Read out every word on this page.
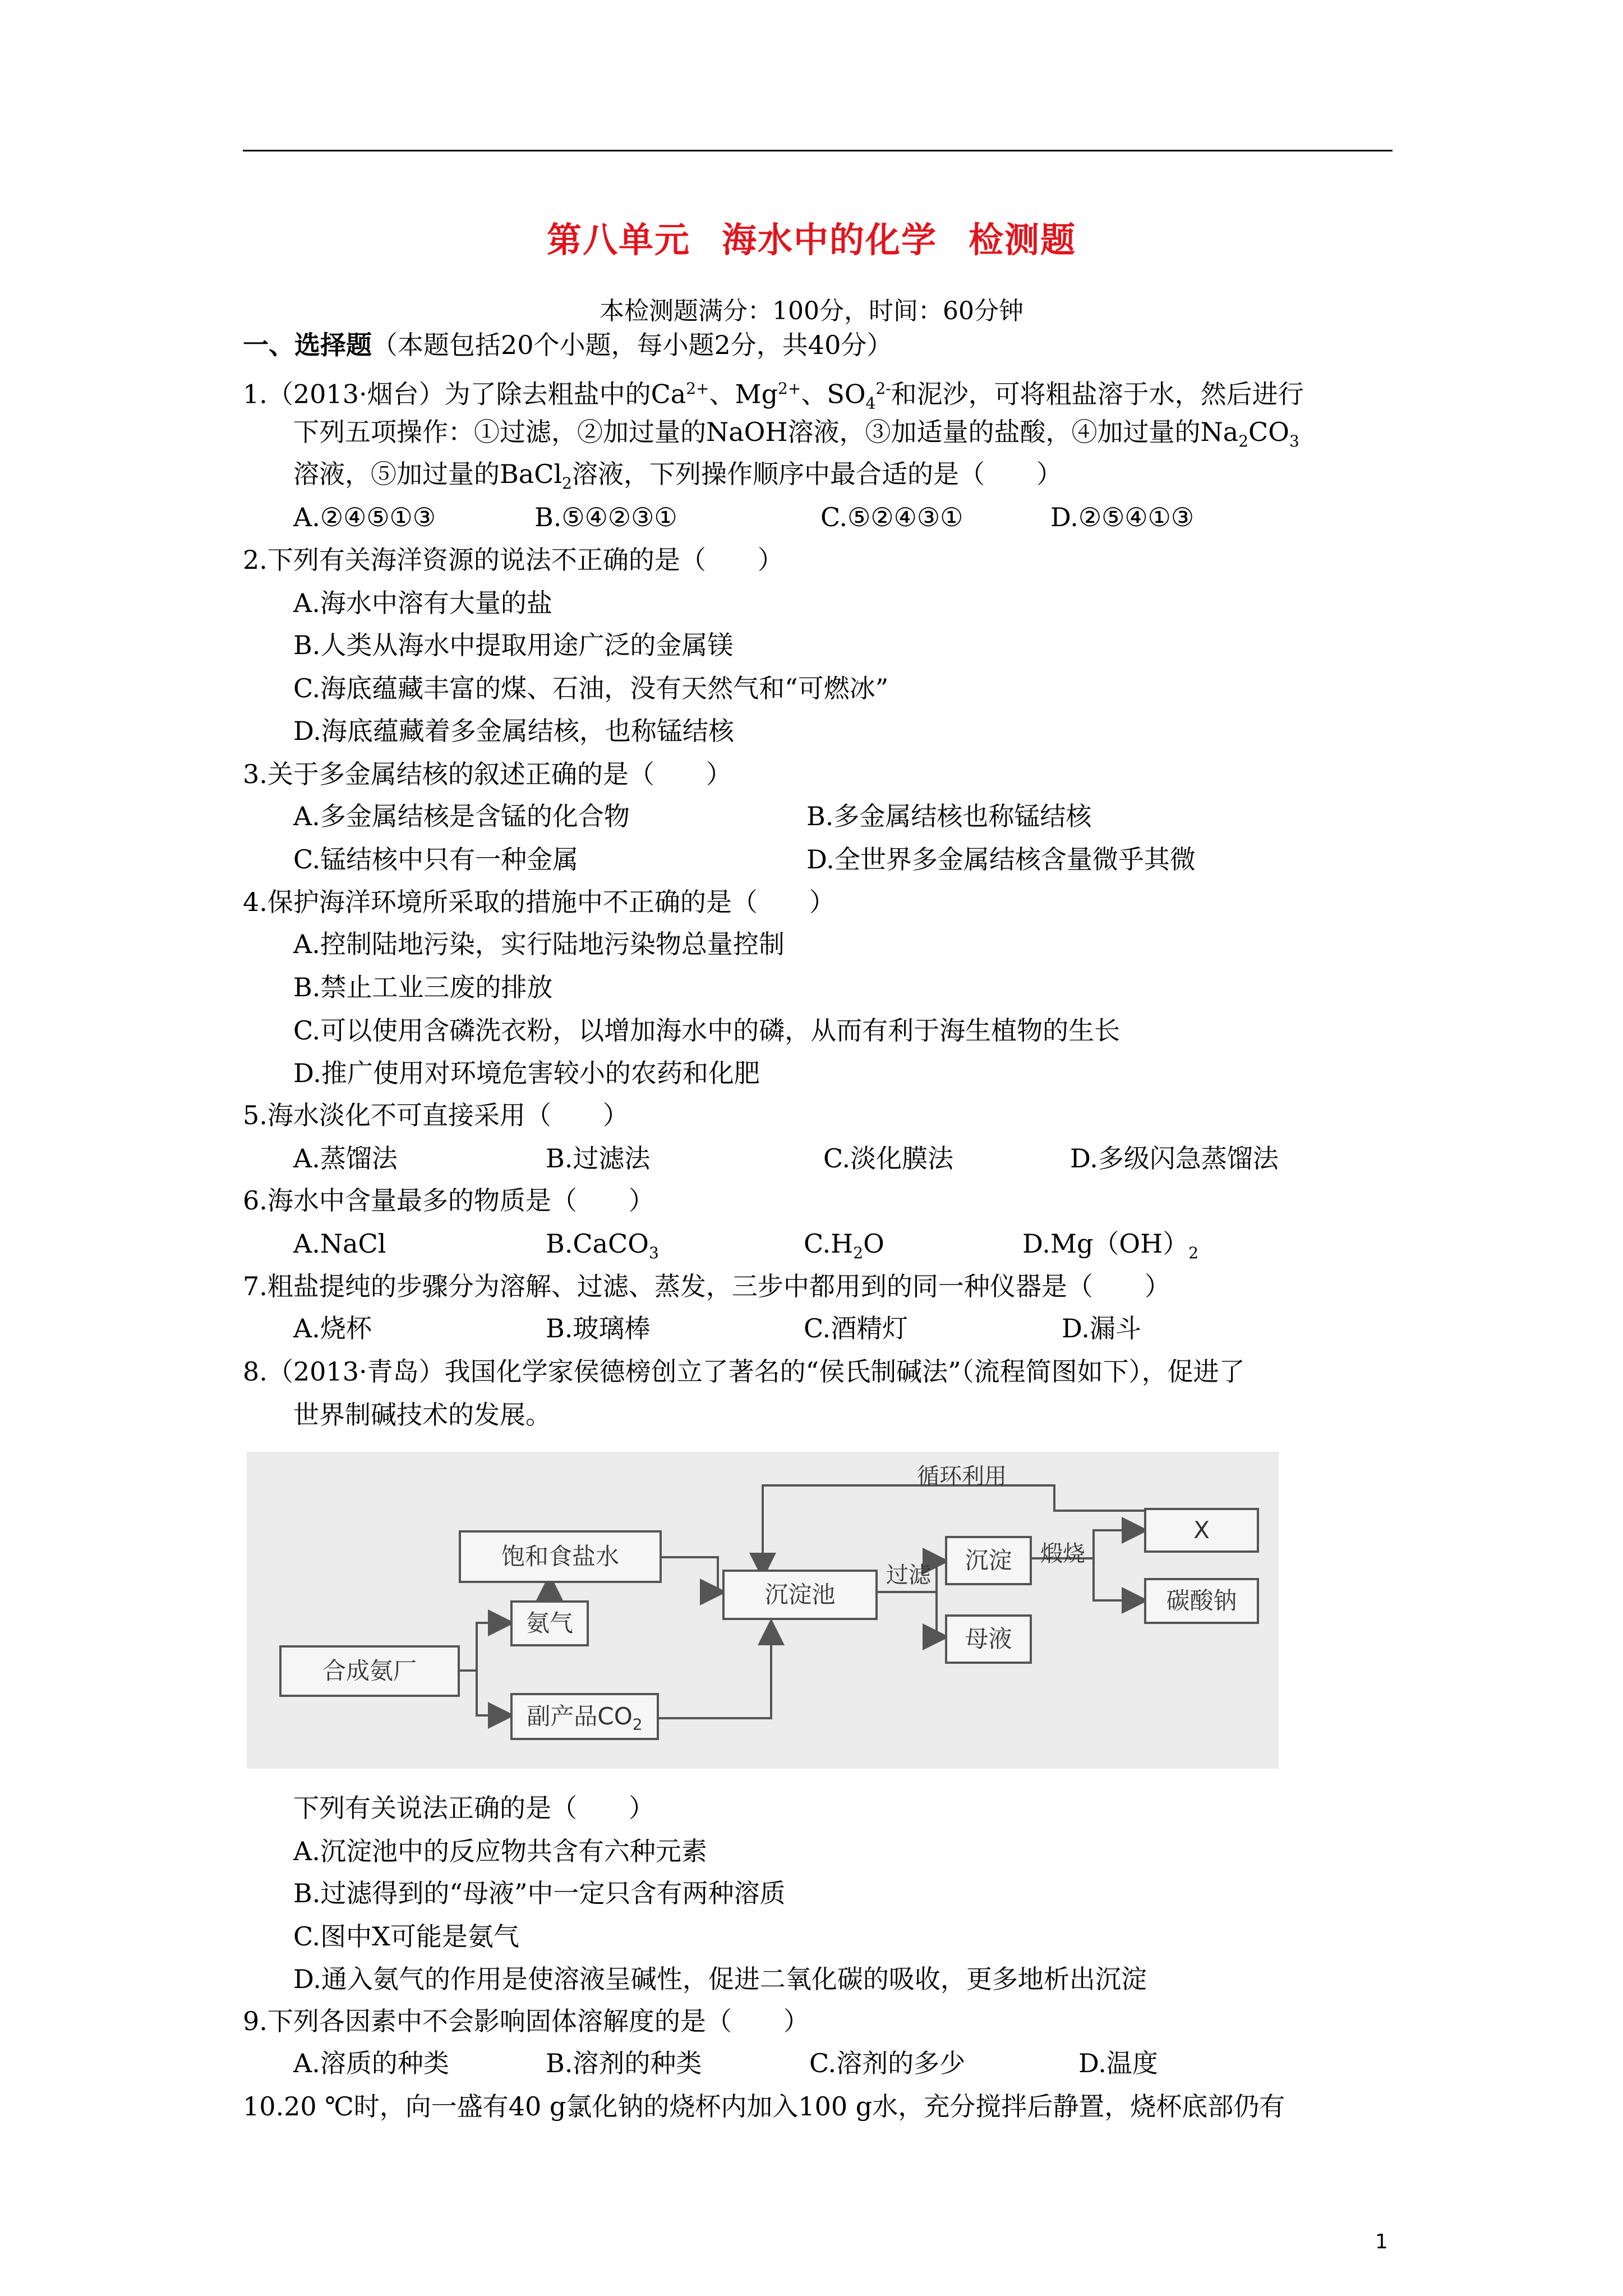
第八单元 海水中的化学 检测题
本检测题满分：100分，时间：60分钟
一、选择题（本题包括20个小题，每小题2分，共40分）
1.（2013·烟台）为了除去粗盐中的$Ca^{2+}$、$Mg^{2+}$、$SO_4^{2-}$和泥沙，可将粗盐溶于水，然后进行
下列五项操作：①过滤，②加过量的NaOH溶液，③加适量的盐酸，④加过量的$Na_2CO_3$
溶液，⑤加过量的BaCl$_2$溶液，下列操作顺序中最合适的是（　　）
A.②④⑤①③	B.⑤④②③①	C.⑤②④③①	D.②⑤④①③
2.下列有关海洋资源的说法不正确的是（　　）
A.海水中溶有大量的盐
B.人类从海水中提取用途广泛的金属镁
C.海底蕴藏丰富的煤、石油，没有天然气和“可燃冰”
D.海底蕴藏着多金属结核，也称锰结核
3.关于多金属结核的叙述正确的是（　　）
A.多金属结核是含锰的化合物	B.多金属结核也称锰结核
C.锰结核中只有一种金属	D.全世界多金属结核含量微乎其微
4.保护海洋环境所采取的措施中不正确的是（　　）
A.控制陆地污染，实行陆地污染物总量控制
B.禁止工业三废的排放
C.可以使用含磷洗衣粉，以增加海水中的磷，从而有利于海生植物的生长
D.推广使用对环境危害较小的农药和化肥
5.海水淡化不可直接采用（　　）
A.蒸馏法	B.过滤法	C.淡化膜法	D.多级闪急蒸馏法
6.海水中含量最多的物质是（　　）
A.NaCl	B.CaCO$_3$	$C.H_2O$	$D.Mg(OH)_2$
7.粗盐提纯的步骤分为溶解、过滤、蒸发，三步中都用到的同一种仪器是（　　）
A.烧杯	B.玻璃棒	C.酒精灯	D.漏斗
8.（2013·青岛）我国化学家侯德榜创立了著名的“侯氏制碱法”（流程简图如下），促进了
世界制碱技术的发展。
循环利用
饱和食盐水
氨气
合成氨厂
副产品$CO_2$
沉淀池
过滤
沉淀	煅烧
母液
X
碳酸钠
下列有关说法正确的是（　　）
A.沉淀池中的反应物共含有六种元素
B.过滤得到的“母液”中一定只含有两种溶质
C.图中X可能是氨气
D.通入氨气的作用是使溶液呈碱性，促进二氧化碳的吸收，更多地析出沉淀
9.下列各因素中不会影响固体溶解度的是（　　）
A.溶质的种类	B.溶剂的种类	C.溶剂的多少	D.温度
10.20 ℃时，向一盛有40 g氯化钠的烧杯内加入100 g水，充分搅拌后静置，烧杯底部仍有
1
